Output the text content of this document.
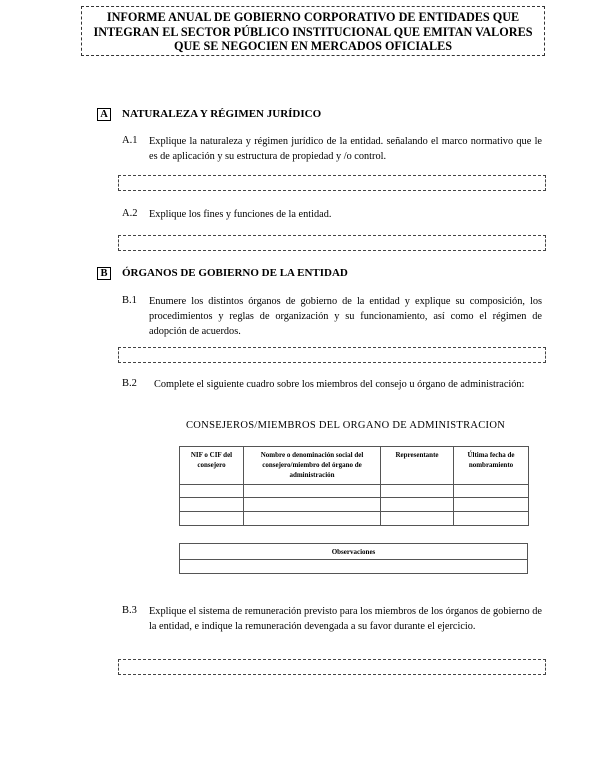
INFORME ANUAL DE GOBIERNO CORPORATIVO DE ENTIDADES QUE
INTEGRAN EL SECTOR PÚBLICO INSTITUCIONAL QUE EMITAN VALORES
QUE SE NEGOCIEN EN MERCADOS OFICIALES
A NATURALEZA Y RÉGIMEN JURÍDICO
A.1 Explique la naturaleza y régimen jurídico de la entidad. señalando el marco normativo que le es de aplicación y su estructura de propiedad y /o control.
A.2 Explique los fines y funciones de la entidad.
B	ÓRGANOS DE GOBIERNO DE LA ENTIDAD
B.1 Enumere los distintos órganos de gobierno de la entidad y explique su composición, los procedimientos y reglas de organización y su funcionamiento, así como el régimen de adopción de acuerdos.
B.2	Complete el siguiente cuadro sobre los miembros del consejo u órgano de administración:
CONSEJEROS/MIEMBROS DEL ORGANO DE ADMINISTRACION
NIF o CIF del consejero	Nombre o denominación social del consejero/miembro del órgano de administración	Representante	Última fecha de nombramiento

Observaciones

B.3 Explique el sistema de remuneración previsto para los miembros de los órganos de gobierno de la entidad, e indique la remuneración devengada a su favor durante el ejercicio.
